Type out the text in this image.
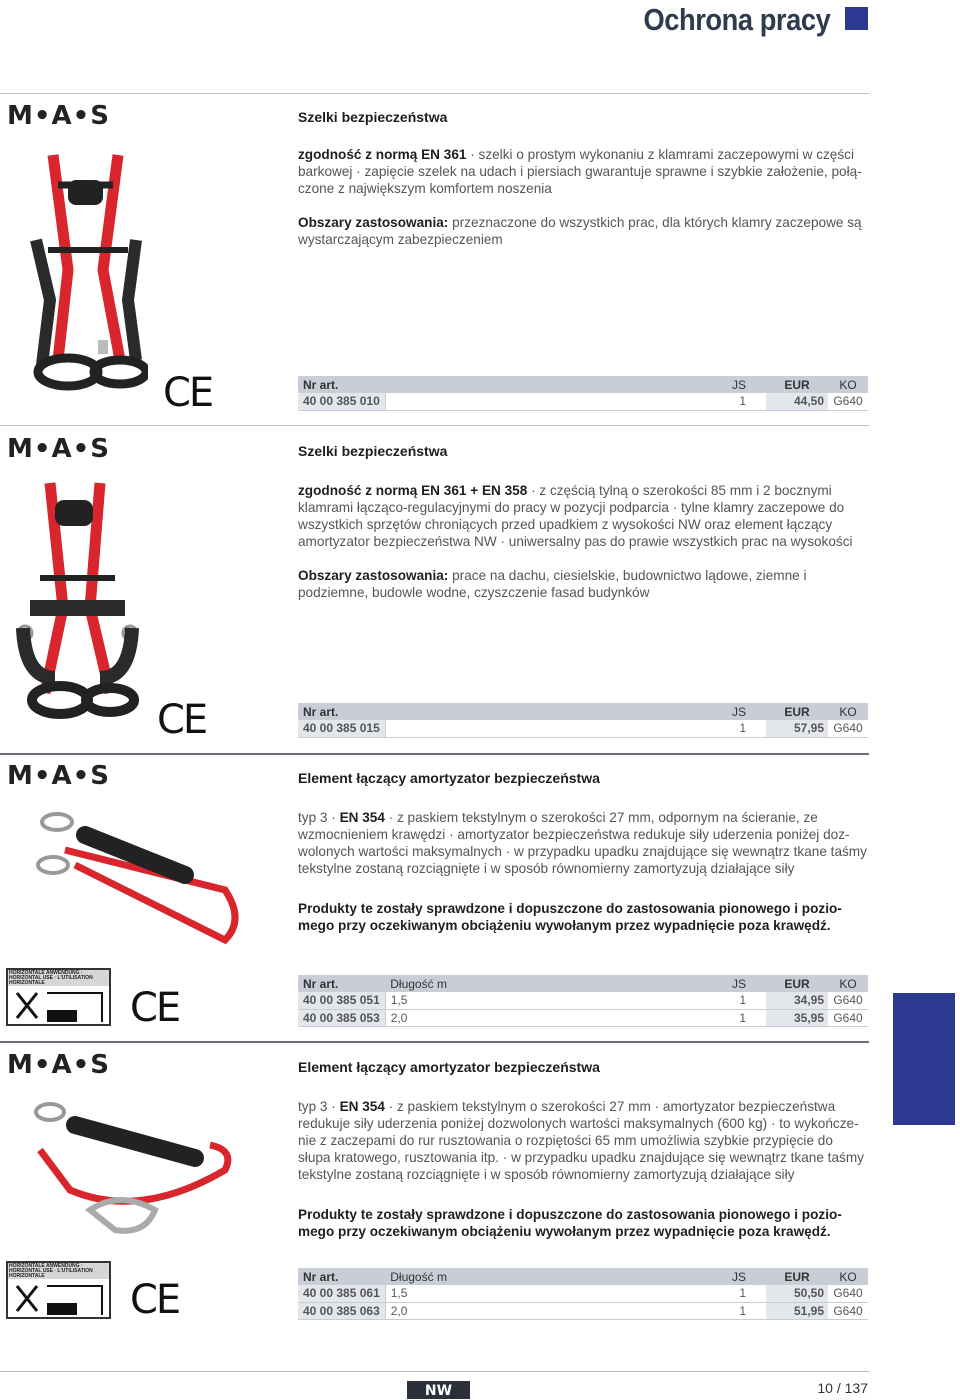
Ochrona pracy
M•A•S	Szelki bezpieczeństwa
zgodność z normą EN 361 · szelki o prostym wykonaniu z klamrami zaczepowymi w części barkowej · zapięcie szelek na udach i piersiach gwarantuje sprawne i szybkie założenie, połą-czone z największym komfortem noszenia
Obszary zastosowania: przeznaczone do wszystkich prac, dla których klamry zaczepowe są wystarczającym zabezpieczeniem
CE	Nr art.		JS	EUR	KO
40 00 385 010		1	44,50	G640
M•A•S	Szelki bezpieczeństwa
zgodność z normą EN 361 + EN 358 · z częścią tylną o szerokości 85 mm i 2 bocznymi klamrami łącząco-regulacyjnymi do pracy w pozycji podparcia · tylne klamry zaczepowe do wszystkich sprzętów chroniących przed upadkiem z wysokości NW oraz element łączący amortyzator bezpieczeństwa NW · uniwersalny pas do prawie wszystkich prac na wysokości
Obszary zastosowania: prace na dachu, ciesielskie, budownictwo lądowe, ziemne i podziemne, budowle wodne, czyszczenie fasad budynków
CE	Nr art.		JS	EUR	KO
40 00 385 015		1	57,95	G640
M•A•S	Element łączący amortyzator bezpieczeństwa
typ 3 · EN 354 · z paskiem tekstylnym o szerokości 27 mm, odpornym na ścieranie, ze wzmocnieniem krawędzi · amortyzator bezpieczeństwa redukuje siły uderzenia poniżej doz-wolonych wartości maksymalnych · w przypadku upadku znajdujące się wewnątrz tkane taśmy tekstylne zostaną rozciągnięte i w sposób równomierny zamortyzują działające siły
Produkty te zostały sprawdzone i dopuszczone do zastosowania pionowego i pozio-mego przy oczekiwanym obciążeniu wywołanym przez wypadnięcie poza krawędź.
HORIZONTALE ANWENDUNG · HORIZONTAL USE · L'UTILISATION HORIZONTALE
CE
Nr art.	Długość m	JS	EUR	KO
40 00 385 051	1,5	1	34,95	G640
40 00 385 053	2,0	1	35,95	G640
M•A•S	Element łączący amortyzator bezpieczeństwa
typ 3 · EN 354 · z paskiem tekstylnym o szerokości 27 mm · amortyzator bezpieczeństwa redukuje siły uderzenia poniżej dozwolonych wartości maksymalnych (600 kg) · to wykończe-nie z zaczepami do rur rusztowania o rozpiętości 65 mm umożliwia szybkie przypięcie do słupa kratowego, rusztowania itp. · w przypadku upadku znajdujące się wewnątrz tkane taśmy tekstylne zostaną rozciągnięte i w sposób równomierny zamortyzują działające siły
Produkty te zostały sprawdzone i dopuszczone do zastosowania pionowego i pozio-mego przy oczekiwanym obciążeniu wywołanym przez wypadnięcie poza krawędź.
HORIZONTALE ANWENDUNG · HORIZONTAL USE · L'UTILISATION HORIZONTALE
CE
Nr art.	Długość m	JS	EUR	KO
40 00 385 061	1,5	1	50,50	G640
40 00 385 063	2,0	1	51,95	G640
NW	10 / 137
